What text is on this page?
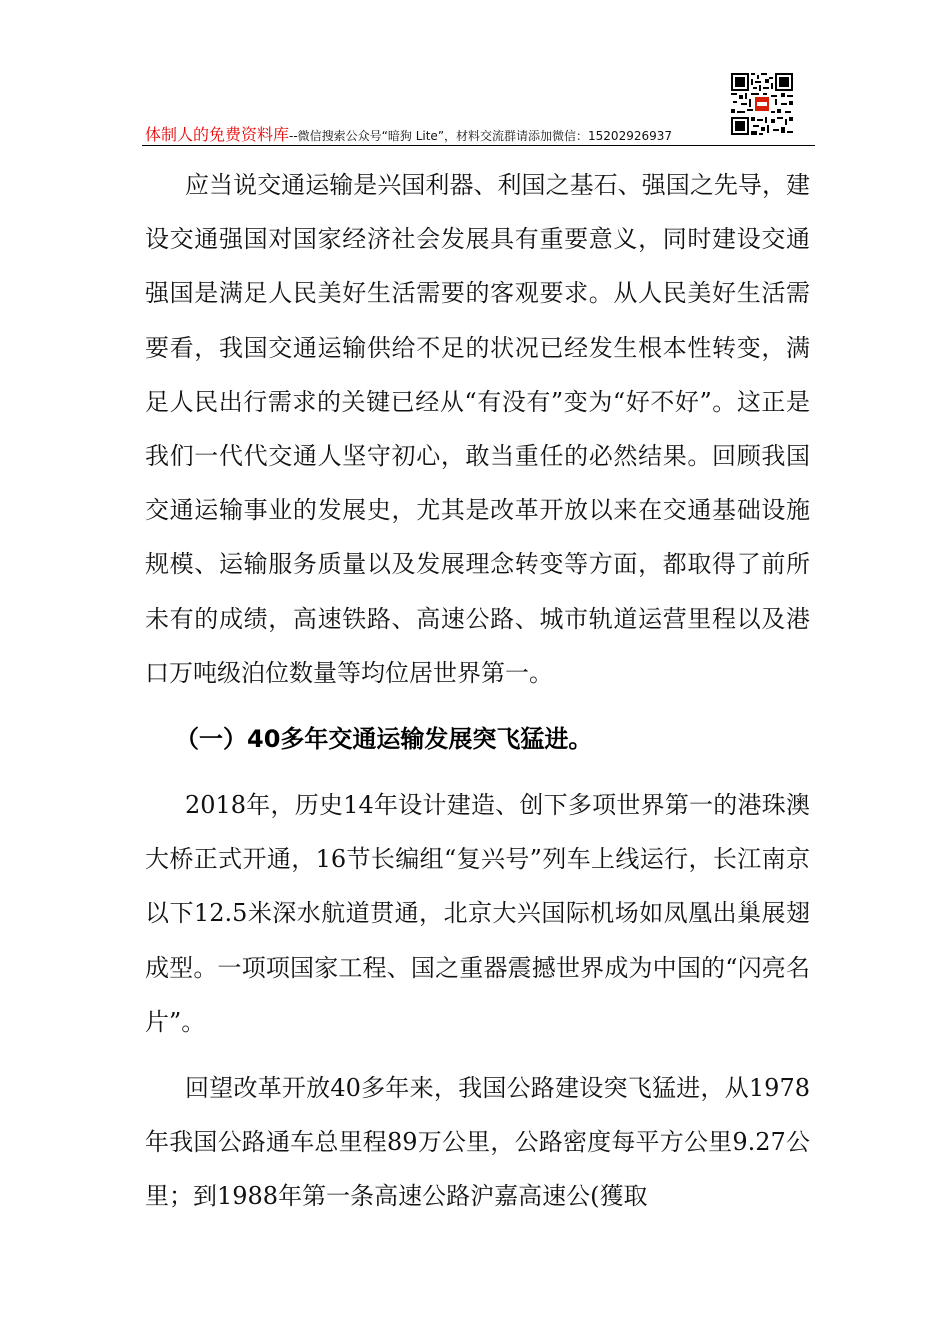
体制人的免费资料库--微信搜索公众号“暗狗 Lite”，材料交流群请添加微信：15202926937

应当说交通运输是兴国利器、利国之基石、强国之先导，建设交通强国对国家经济社会发展具有重要意义，同时建设交通强国是满足人民美好生活需要的客观要求。从人民美好生活需要看，我国交通运输供给不足的状况已经发生根本性转变，满足人民出行需求的关键已经从“有没有”变为“好不好”。这正是我们一代代交通人坚守初心，敢当重任的必然结果。回顾我国交通运输事业的发展史，尤其是改革开放以来在交通基础设施规模、运输服务质量以及发展理念转变等方面，都取得了前所未有的成绩，高速铁路、高速公路、城市轨道运营里程以及港口万吨级泊位数量等均位居世界第一。

（一）40多年交通运输发展突飞猛进。

2018年，历史14年设计建造、创下多项世界第一的港珠澳大桥正式开通，16节长编组“复兴号”列车上线运行，长江南京以下12.5米深水航道贯通，北京大兴国际机场如凤凰出巢展翅成型。一项项国家工程、国之重器震撼世界成为中国的“闪亮名片”。

回望改革开放40多年来，我国公路建设突飞猛进，从1978年我国公路通车总里程89万公里，公路密度每平方公里9.27公里；到1988年第一条高速公路沪嘉高速公(獲取
